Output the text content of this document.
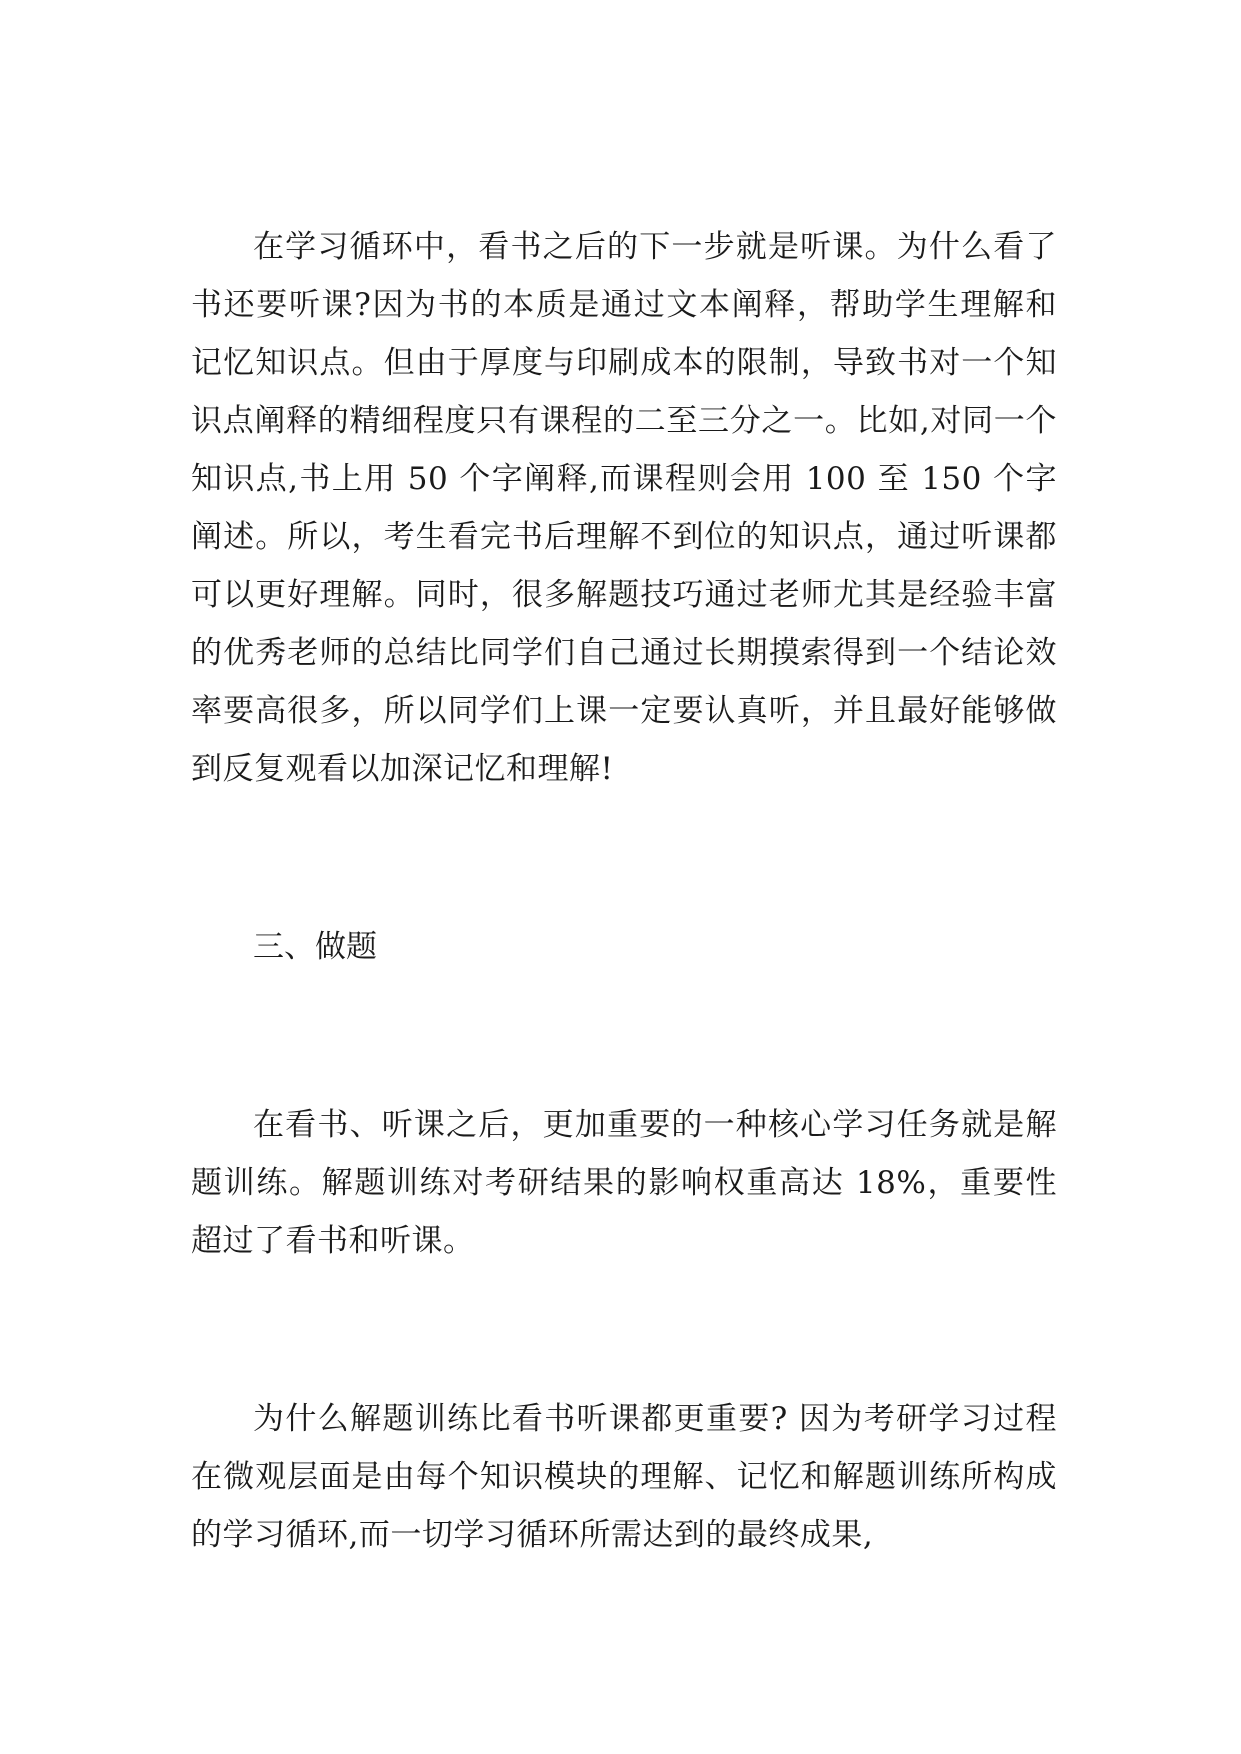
在学习循环中，看书之后的下一步就是听课。为什么看了书还要听课?因为书的本质是通过文本阐释，帮助学生理解和记忆知识点。但由于厚度与印刷成本的限制，导致书对一个知识点阐释的精细程度只有课程的二至三分之一。比如,对同一个知识点,书上用 50 个字阐释,而课程则会用 100 至 150 个字阐述。所以，考生看完书后理解不到位的知识点，通过听课都可以更好理解。同时，很多解题技巧通过老师尤其是经验丰富的优秀老师的总结比同学们自己通过长期摸索得到一个结论效率要高很多，所以同学们上课一定要认真听，并且最好能够做到反复观看以加深记忆和理解!

三、做题

在看书、听课之后，更加重要的一种核心学习任务就是解题训练。解题训练对考研结果的影响权重高达 18%，重要性超过了看书和听课。

为什么解题训练比看书听课都更重要? 因为考研学习过程在微观层面是由每个知识模块的理解、记忆和解题训练所构成的学习循环,而一切学习循环所需达到的最终成果,
